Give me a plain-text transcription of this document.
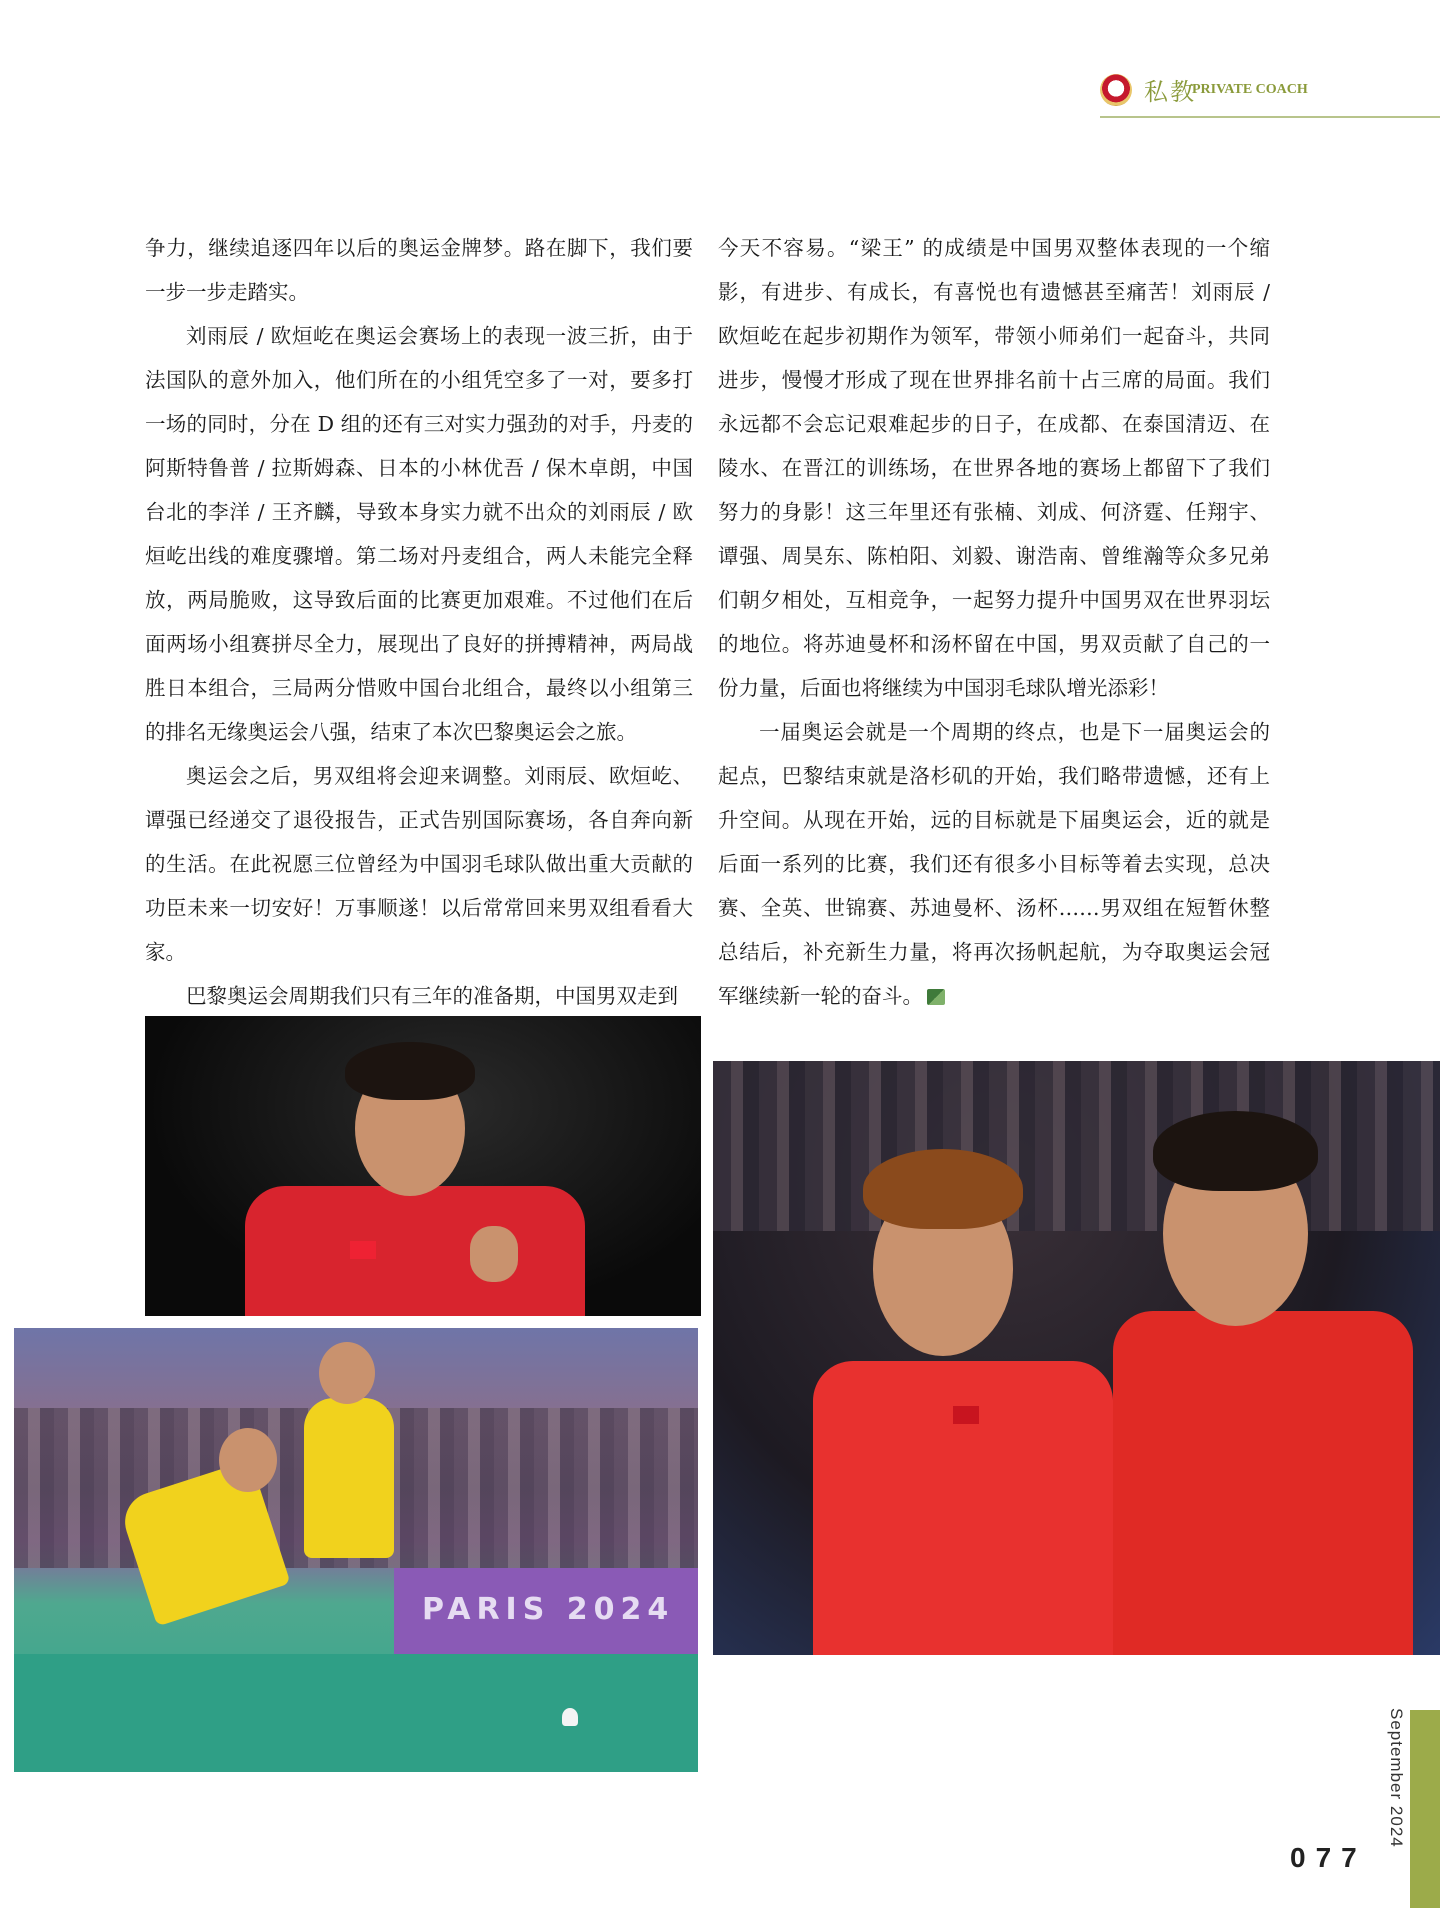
私教
PRIVATE COACH

争力，继续追逐四年以后的奥运金牌梦。路在脚下，我们要一步一步走踏实。

刘雨辰 / 欧烜屹在奥运会赛场上的表现一波三折，由于法国队的意外加入，他们所在的小组凭空多了一对，要多打一场的同时，分在 D 组的还有三对实力强劲的对手，丹麦的阿斯特鲁普 / 拉斯姆森、日本的小林优吾 / 保木卓朗，中国台北的李洋 / 王齐麟，导致本身实力就不出众的刘雨辰 / 欧烜屹出线的难度骤增。第二场对丹麦组合，两人未能完全释放，两局脆败，这导致后面的比赛更加艰难。不过他们在后面两场小组赛拼尽全力，展现出了良好的拼搏精神，两局战胜日本组合，三局两分惜败中国台北组合，最终以小组第三的排名无缘奥运会八强，结束了本次巴黎奥运会之旅。

奥运会之后，男双组将会迎来调整。刘雨辰、欧烜屹、谭强已经递交了退役报告，正式告别国际赛场，各自奔向新的生活。在此祝愿三位曾经为中国羽毛球队做出重大贡献的功臣未来一切安好！万事顺遂！以后常常回来男双组看看大家。

巴黎奥运会周期我们只有三年的准备期，中国男双走到

今天不容易。“梁王” 的成绩是中国男双整体表现的一个缩影，有进步、有成长，有喜悦也有遗憾甚至痛苦！刘雨辰 / 欧烜屹在起步初期作为领军，带领小师弟们一起奋斗，共同进步，慢慢才形成了现在世界排名前十占三席的局面。我们永远都不会忘记艰难起步的日子，在成都、在泰国清迈、在陵水、在晋江的训练场，在世界各地的赛场上都留下了我们努力的身影！这三年里还有张楠、刘成、何济霆、任翔宇、谭强、周昊东、陈柏阳、刘毅、谢浩南、曾维瀚等众多兄弟们朝夕相处，互相竞争，一起努力提升中国男双在世界羽坛的地位。将苏迪曼杯和汤杯留在中国，男双贡献了自己的一份力量，后面也将继续为中国羽毛球队增光添彩！

一届奥运会就是一个周期的终点，也是下一届奥运会的起点，巴黎结束就是洛杉矶的开始，我们略带遗憾，还有上升空间。从现在开始，远的目标就是下届奥运会，近的就是后面一系列的比赛，我们还有很多小目标等着去实现，总决赛、全英、世锦赛、苏迪曼杯、汤杯……男双组在短暂休整总结后，补充新生力量，将再次扬帆起航，为夺取奥运会冠军继续新一轮的奋斗。

PARIS 2024
September 2024
077
